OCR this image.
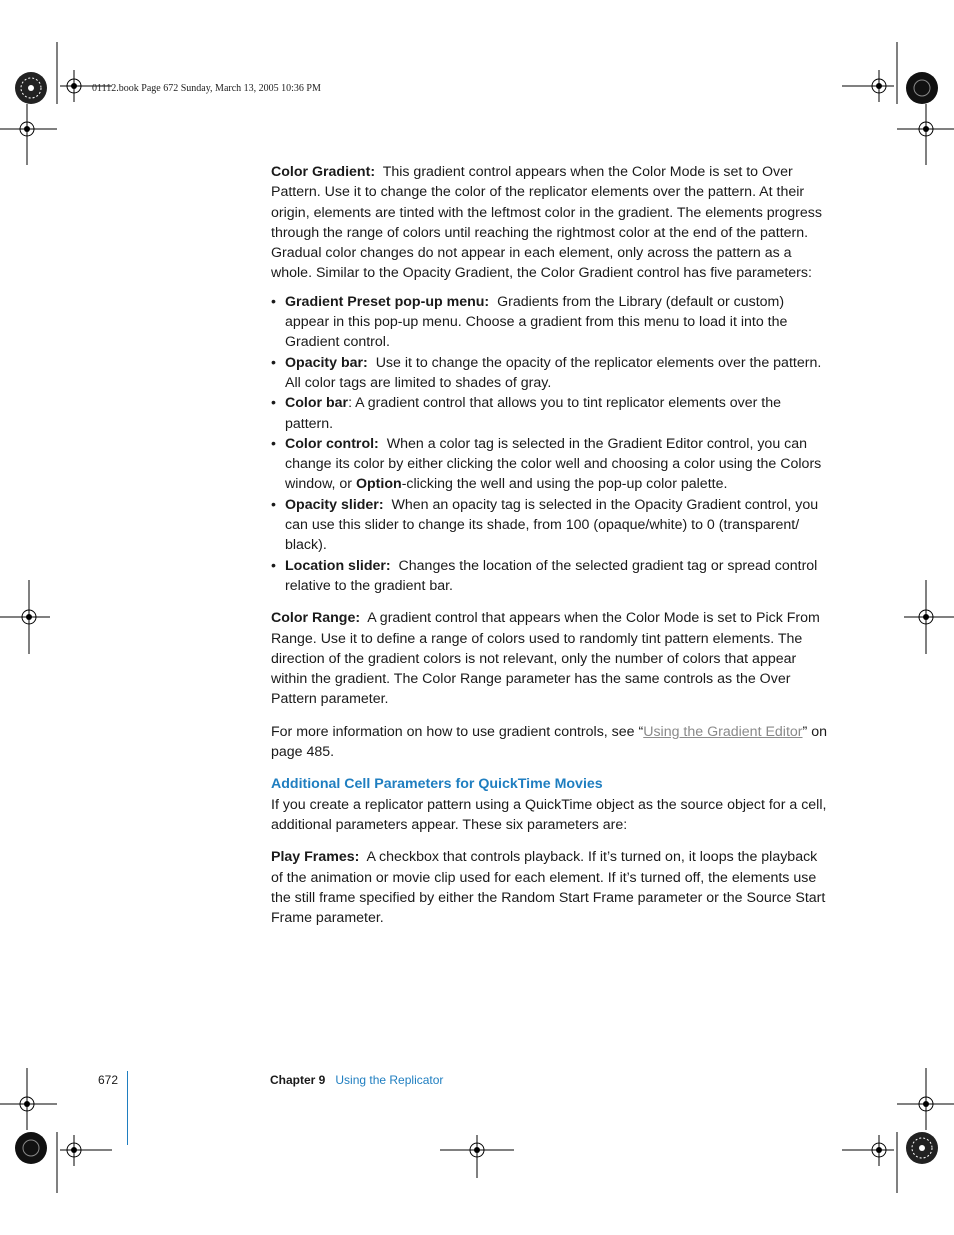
01112.book Page 672 Sunday, March 13, 2005 10:36 PM

Color Gradient: This gradient control appears when the Color Mode is set to Over Pattern. Use it to change the color of the replicator elements over the pattern. At their origin, elements are tinted with the leftmost color in the gradient. The elements progress through the range of colors until reaching the rightmost color at the end of the pattern. Gradual color changes do not appear in each element, only across the pattern as a whole. Similar to the Opacity Gradient, the Color Gradient control has five parameters:

• Gradient Preset pop-up menu: Gradients from the Library (default or custom) appear in this pop-up menu. Choose a gradient from this menu to load it into the Gradient control.
• Opacity bar: Use it to change the opacity of the replicator elements over the pattern. All color tags are limited to shades of gray.
• Color bar: A gradient control that allows you to tint replicator elements over the pattern.
• Color control: When a color tag is selected in the Gradient Editor control, you can change its color by either clicking the color well and choosing a color using the Colors window, or Option-clicking the well and using the pop-up color palette.
• Opacity slider: When an opacity tag is selected in the Opacity Gradient control, you can use this slider to change its shade, from 100 (opaque/white) to 0 (transparent/ black).
• Location slider: Changes the location of the selected gradient tag or spread control relative to the gradient bar.

Color Range: A gradient control that appears when the Color Mode is set to Pick From Range. Use it to define a range of colors used to randomly tint pattern elements. The direction of the gradient colors is not relevant, only the number of colors that appear within the gradient. The Color Range parameter has the same controls as the Over Pattern parameter.

For more information on how to use gradient controls, see “Using the Gradient Editor” on page 485.

Additional Cell Parameters for QuickTime Movies

If you create a replicator pattern using a QuickTime object as the source object for a cell, additional parameters appear. These six parameters are:

Play Frames: A checkbox that controls playback. If it’s turned on, it loops the playback of the animation or movie clip used for each element. If it’s turned off, the elements use the still frame specified by either the Random Start Frame parameter or the Source Start Frame parameter.

672	Chapter 9 Using the Replicator
